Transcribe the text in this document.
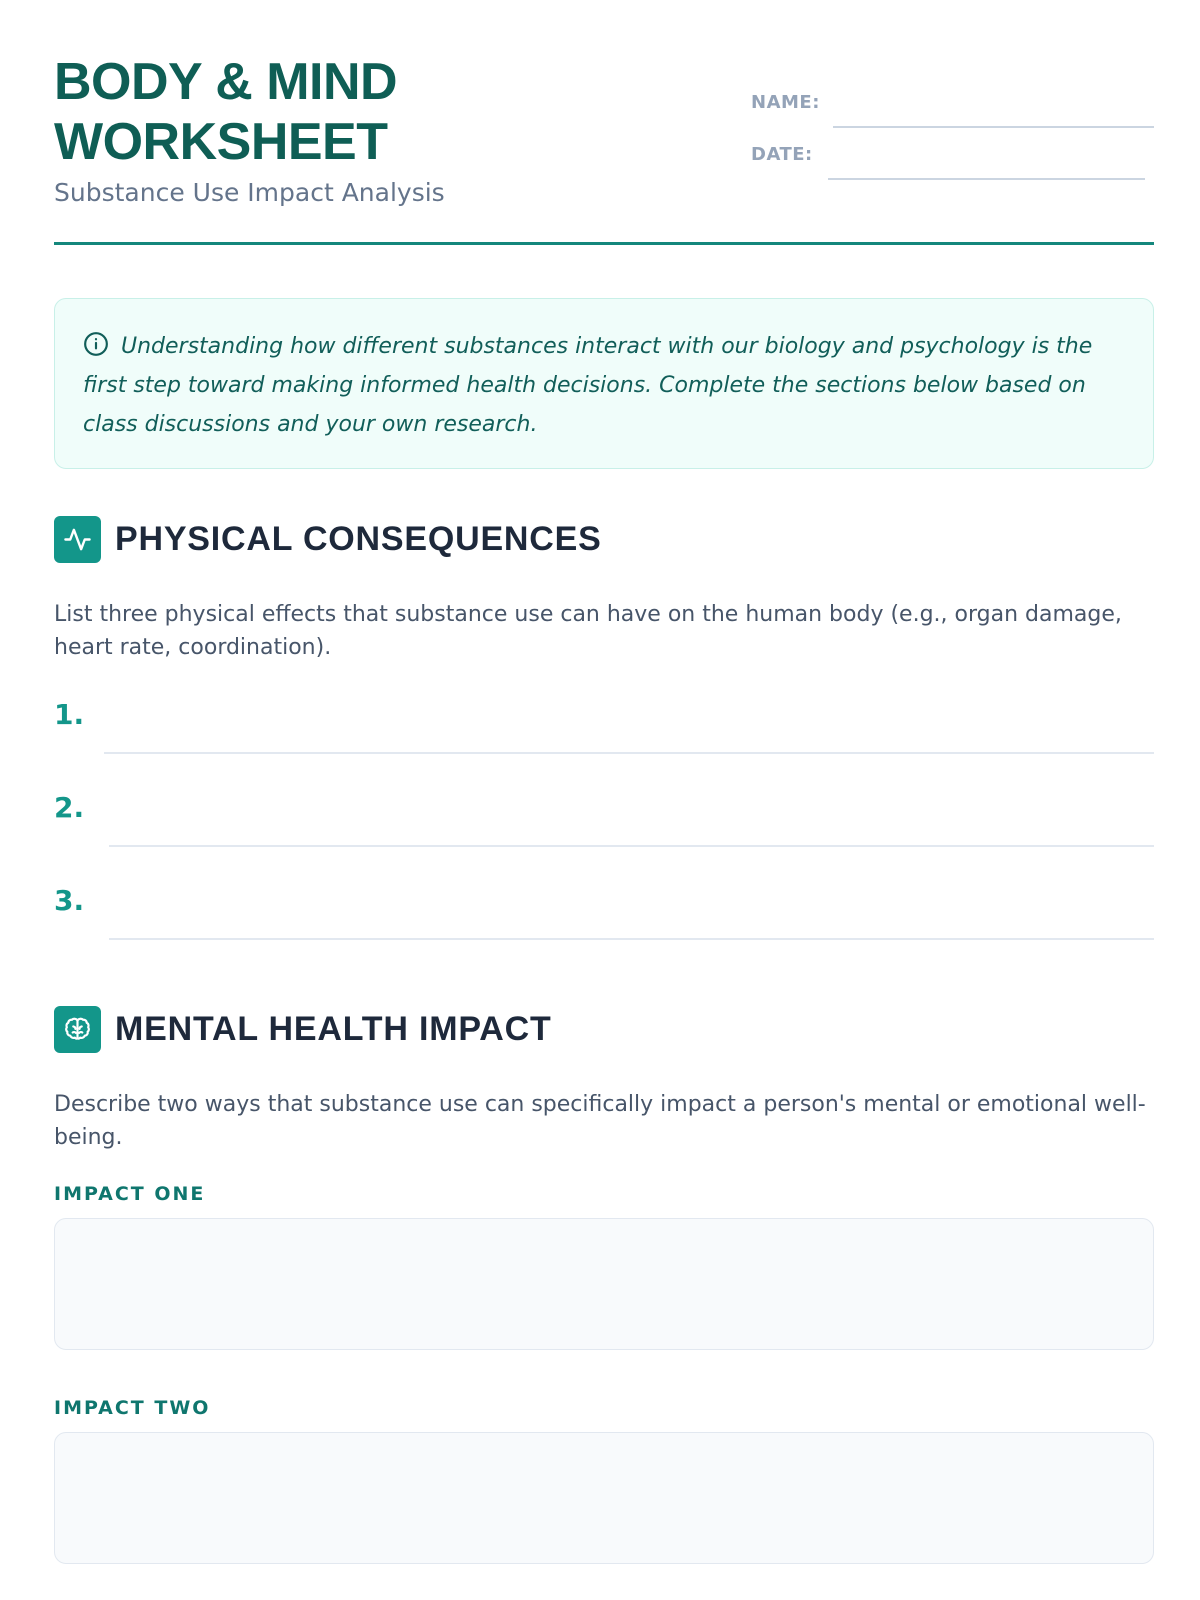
BODY & MIND
WORKSHEET
Substance Use Impact Analysis
NAME:
DATE:

Understanding how different substances interact with our biology and psychology is the first step toward making informed health decisions. Complete the sections below based on class discussions and your own research.

PHYSICAL CONSEQUENCES

List three physical effects that substance use can have on the human body (e.g., organ damage, heart rate, coordination).

1.
2.
3.
MENTAL HEALTH IMPACT

Describe two ways that substance use can specifically impact a person's mental or emotional well-being.

IMPACT ONE
IMPACT TWO
